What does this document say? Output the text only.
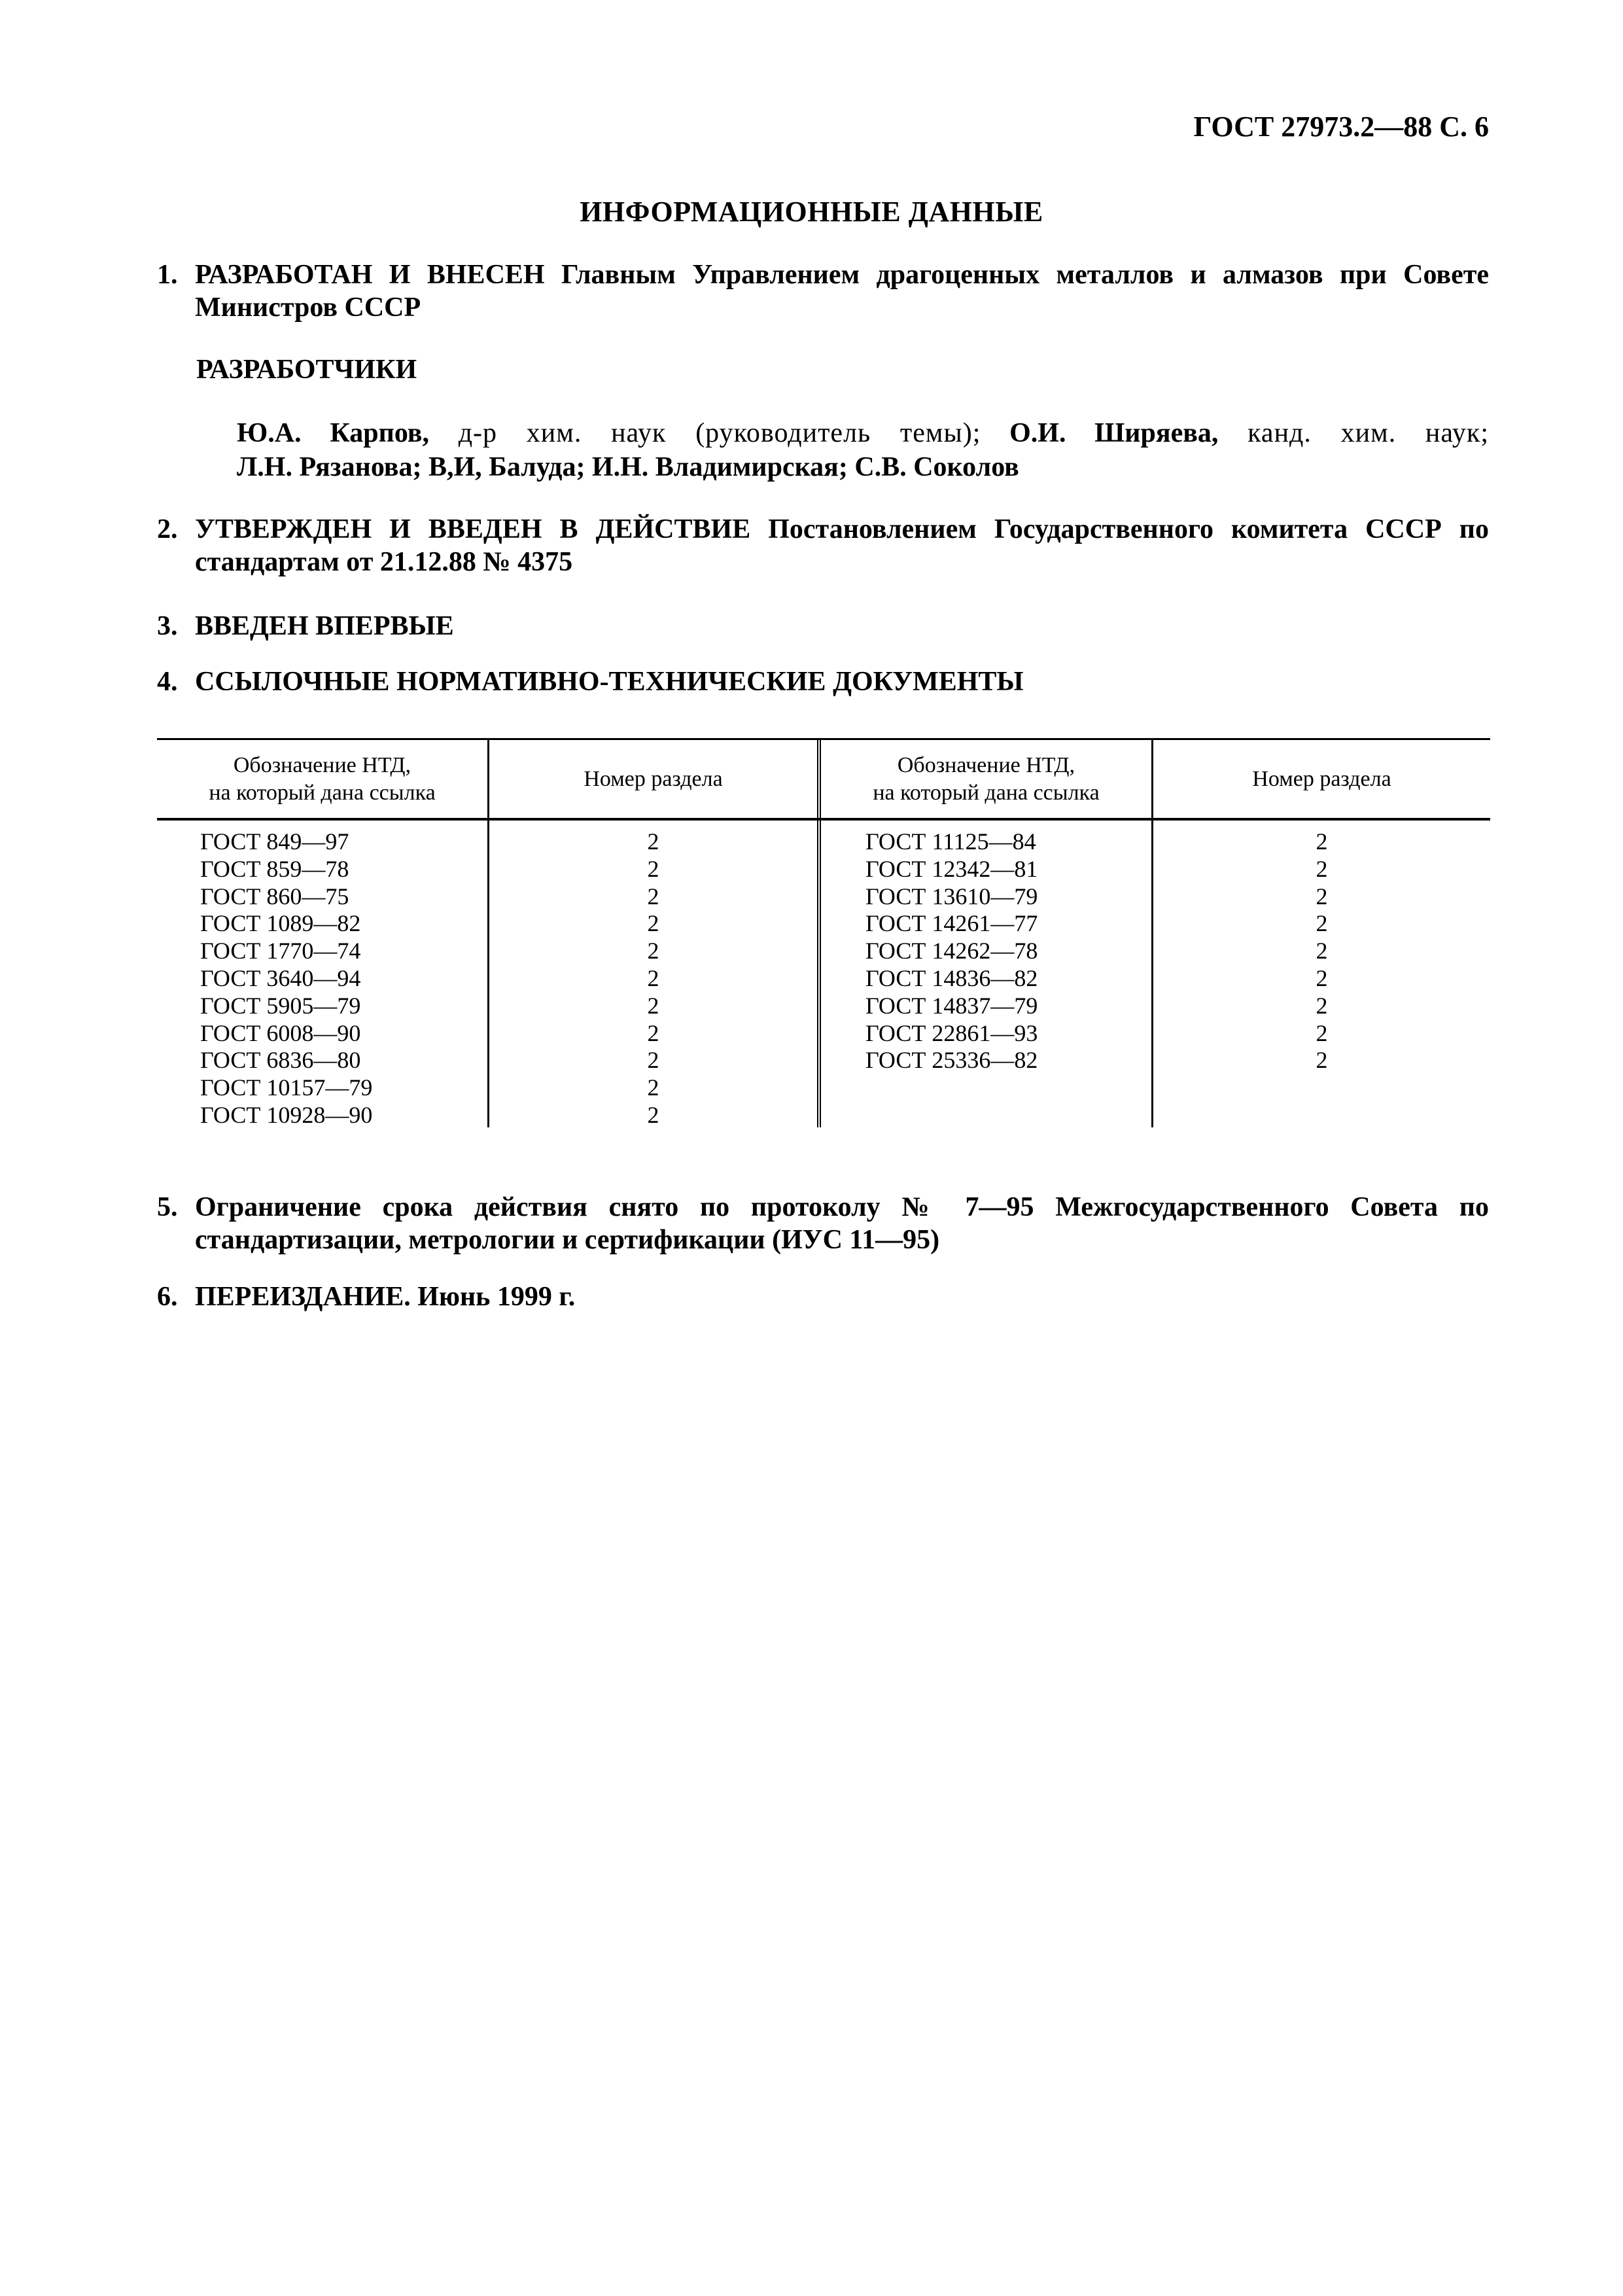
ГОСТ 27973.2—88 С. 6
ИНФОРМАЦИОННЫЕ ДАННЫЕ
1. РАЗРАБОТАН И ВНЕСЕН Главным Управлением драгоценных металлов и алмазов при Совете Министров СССР
РАЗРАБОТЧИКИ
Ю.А. Карпов, д-р хим. наук (руководитель темы); О.И. Ширяева, канд. хим. наук;
Л.Н. Рязанова; В,И, Балуда; И.Н. Владимирская; С.В. Соколов
2. УТВЕРЖДЕН И ВВЕДЕН В ДЕЙСТВИЕ Постановлением Государственного комитета СССР по стандартам от 21.12.88 № 4375
3. ВВЕДЕН ВПЕРВЫЕ
4. ССЫЛОЧНЫЕ НОРМАТИВНО-ТЕХНИЧЕСКИЕ ДОКУМЕНТЫ
Обозначение НТД,
на который дана ссылка
Номер раздела
Обозначение НТД,
на который дана ссылка
Номер раздела
ГОСТ 849—97
ГОСТ 859—78
ГОСТ 860—75
ГОСТ 1089—82
ГОСТ 1770—74
ГОСТ 3640—94
ГОСТ 5905—79
ГОСТ 6008—90
ГОСТ 6836—80
ГОСТ 10157—79
ГОСТ 10928—90
2
2
2
2
2
2
2
2
2
2
2
ГОСТ 11125—84
ГОСТ 12342—81
ГОСТ 13610—79
ГОСТ 14261—77
ГОСТ 14262—78
ГОСТ 14836—82
ГОСТ 14837—79
ГОСТ 22861—93
ГОСТ 25336—82
2
2
2
2
2
2
2
2
2
5. Ограничение срока действия снято по протоколу № 7—95 Межгосударственного Совета по стандартизации, метрологии и сертификации (ИУС 11—95)
6. ПЕРЕИЗДАНИЕ. Июнь 1999 г.
